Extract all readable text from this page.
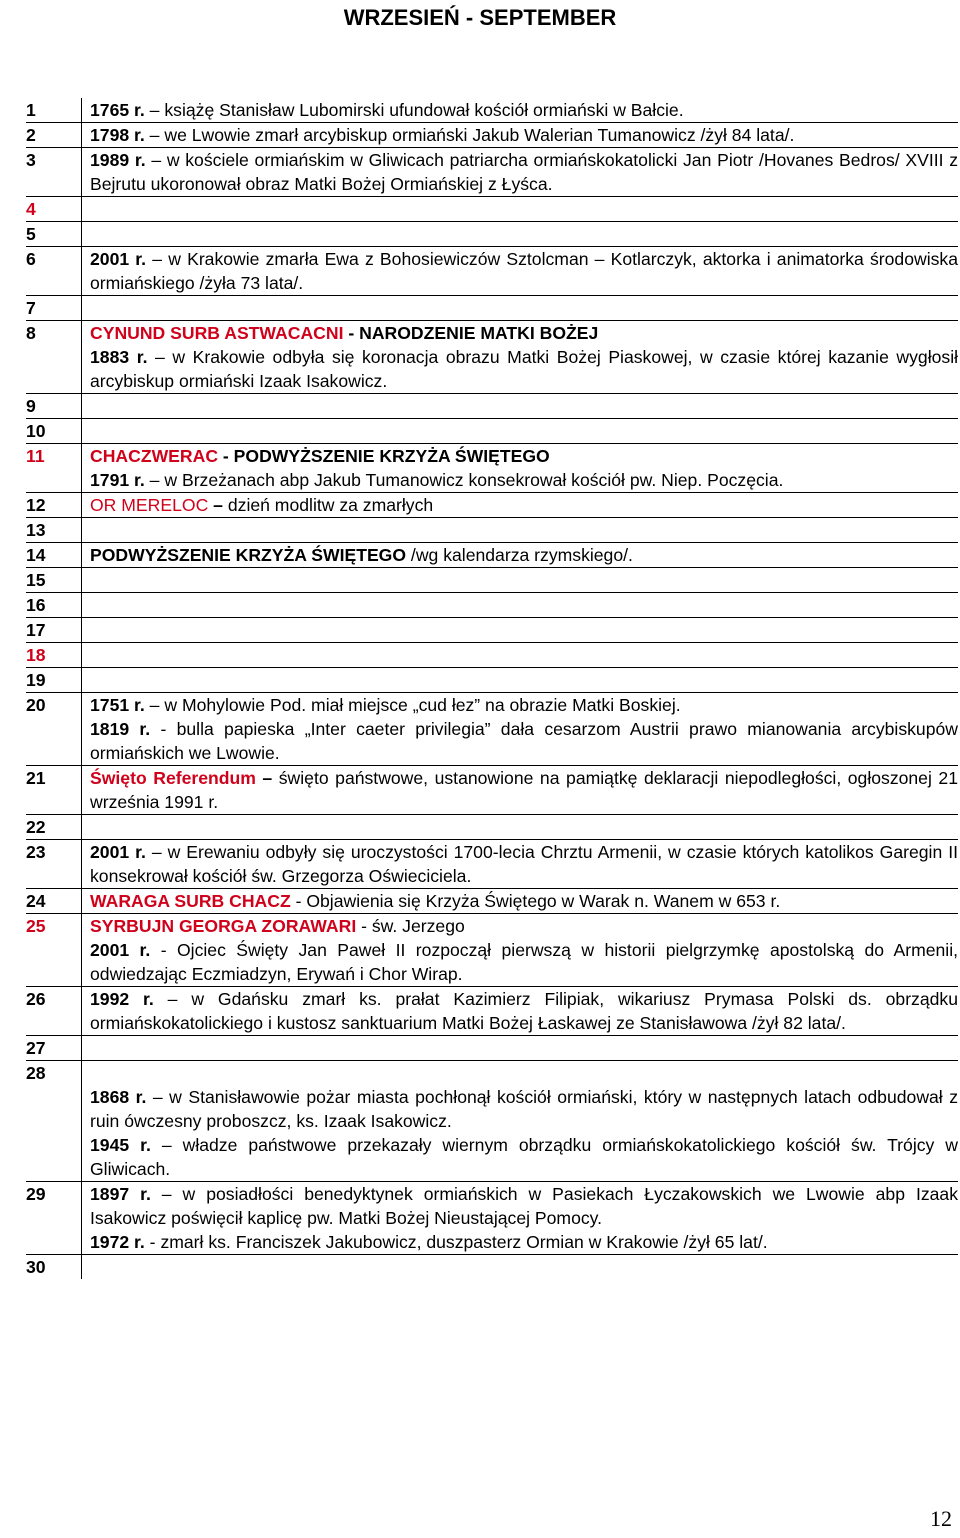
WRZESIEŃ - SEPTEMBER
1	1765 r. – książę Stanisław Lubomirski ufundował kościół ormiański w Bałcie.

2	1798 r. – we Lwowie zmarł arcybiskup ormiański Jakub Walerian Tumanowicz /żył 84 lata/.

3	1989 r. – w kościele ormiańskim w Gliwicach patriarcha ormiańskokatolicki Jan Piotr /Hovanes Bedros/ XVIII z Bejrutu ukoronował obraz Matki Bożej Ormiańskiej z Łyśca.

4	
5	
6	2001 r. – w Krakowie zmarła Ewa z Bohosiewiczów Sztolcman – Kotlarczyk, aktorka i animatorka środowiska ormiańskiego /żyła 73 lata/.

7	
8	CYNUND SURB ASTWACACNI - NARODZENIE MATKI BOŻEJ
1883 r. – w Krakowie odbyła się koronacja obrazu Matki Bożej Piaskowej, w czasie której kazanie wygłosił arcybiskup ormiański Izaak Isakowicz.

9	
10	
11	CHACZWERAC - PODWYŻSZENIE KRZYŻA ŚWIĘTEGO
1791 r. – w Brzeżanach abp Jakub Tumanowicz konsekrował kościół pw. Niep. Poczęcia.

12	OR MERELOC – dzień modlitw za zmarłych

13	
14	PODWYŻSZENIE KRZYŻA ŚWIĘTEGO /wg kalendarza rzymskiego/.

15	
16	
17	
18	
19	
20	1751 r. – w Mohylowie Pod. miał miejsce „cud łez” na obrazie Matki Boskiej.
1819 r. - bulla papieska „Inter caeter privilegia” dała cesarzom Austrii prawo mianowania arcybiskupów ormiańskich we Lwowie.

21	Święto Referendum – święto państwowe, ustanowione na pamiątkę deklaracji niepodległości, ogłoszonej 21 września 1991 r.

22	
23	2001 r. – w Erewaniu odbyły się uroczystości 1700-lecia Chrztu Armenii, w czasie których katolikos Garegin II konsekrował kościół św. Grzegorza Oświeciciela.

24	WARAGA SURB CHACZ - Objawienia się Krzyża Świętego w Warak n. Wanem w 653 r.

25	SYRBUJN GEORGA ZORAWARI - św. Jerzego
2001 r. - Ojciec Święty Jan Paweł II rozpoczął pierwszą w historii pielgrzymkę apostolską do Armenii, odwiedzając Eczmiadzyn, Erywań i Chor Wirap.

26	1992 r. – w Gdańsku zmarł ks. prałat Kazimierz Filipiak, wikariusz Prymasa Polski ds. obrządku ormiańskokatolickiego i kustosz sanktuarium Matki Bożej Łaskawej ze Stanisławowa /żył 82 lata/.

27	
28	1868 r. – w Stanisławowie pożar miasta pochłonął kościół ormiański, który w następnych latach odbudował z ruin ówczesny proboszcz, ks. Izaak Isakowicz.
1945 r. – władze państwowe przekazały wiernym obrządku ormiańskokatolickiego kościół św. Trójcy w Gliwicach.

29	1897 r. – w posiadłości benedyktynek ormiańskich w Pasiekach Łyczakowskich we Lwowie abp Izaak Isakowicz poświęcił kaplicę pw. Matki Bożej Nieustającej Pomocy.
1972 r. - zmarł ks. Franciszek Jakubowicz, duszpasterz Ormian w Krakowie /żył 65 lat/.

30	
12
